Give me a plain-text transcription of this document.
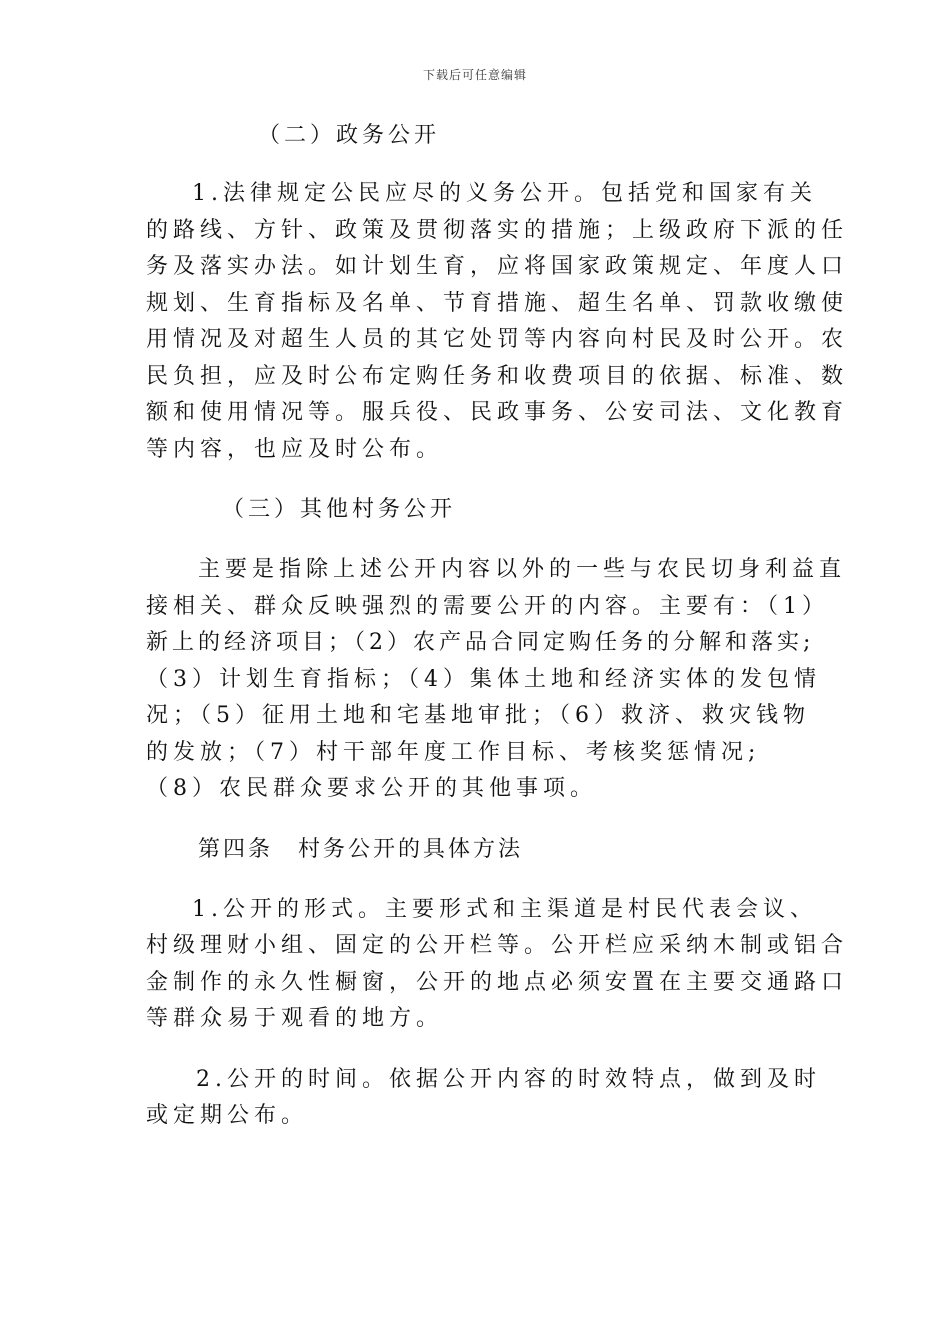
下载后可任意编辑
（二）政务公开
1.法律规定公民应尽的义务公开。包括党和国家有关
的路线、方针、政策及贯彻落实的措施；上级政府下派的任
务及落实办法。如计划生育，应将国家政策规定、年度人口
规划、生育指标及名单、节育措施、超生名单、罚款收缴使
用情况及对超生人员的其它处罚等内容向村民及时公开。农
民负担，应及时公布定购任务和收费项目的依据、标准、数
额和使用情况等。服兵役、民政事务、公安司法、文化教育
等内容，也应及时公布。
（三）其他村务公开
主要是指除上述公开内容以外的一些与农民切身利益直
接相关、群众反映强烈的需要公开的内容。主要有：（1）
新上的经济项目；（2）农产品合同定购任务的分解和落实;
（3）计划生育指标；（4）集体土地和经济实体的发包情
况；（5）征用土地和宅基地审批；（6）救济、救灾钱物
的发放；（7）村干部年度工作目标、考核奖惩情况;
（8）农民群众要求公开的其他事项。
第四条　村务公开的具体方法
1.公开的形式。主要形式和主渠道是村民代表会议、
村级理财小组、固定的公开栏等。公开栏应采纳木制或铝合
金制作的永久性橱窗，公开的地点必须安置在主要交通路口
等群众易于观看的地方。
2.公开的时间。依据公开内容的时效特点，做到及时
或定期公布。
